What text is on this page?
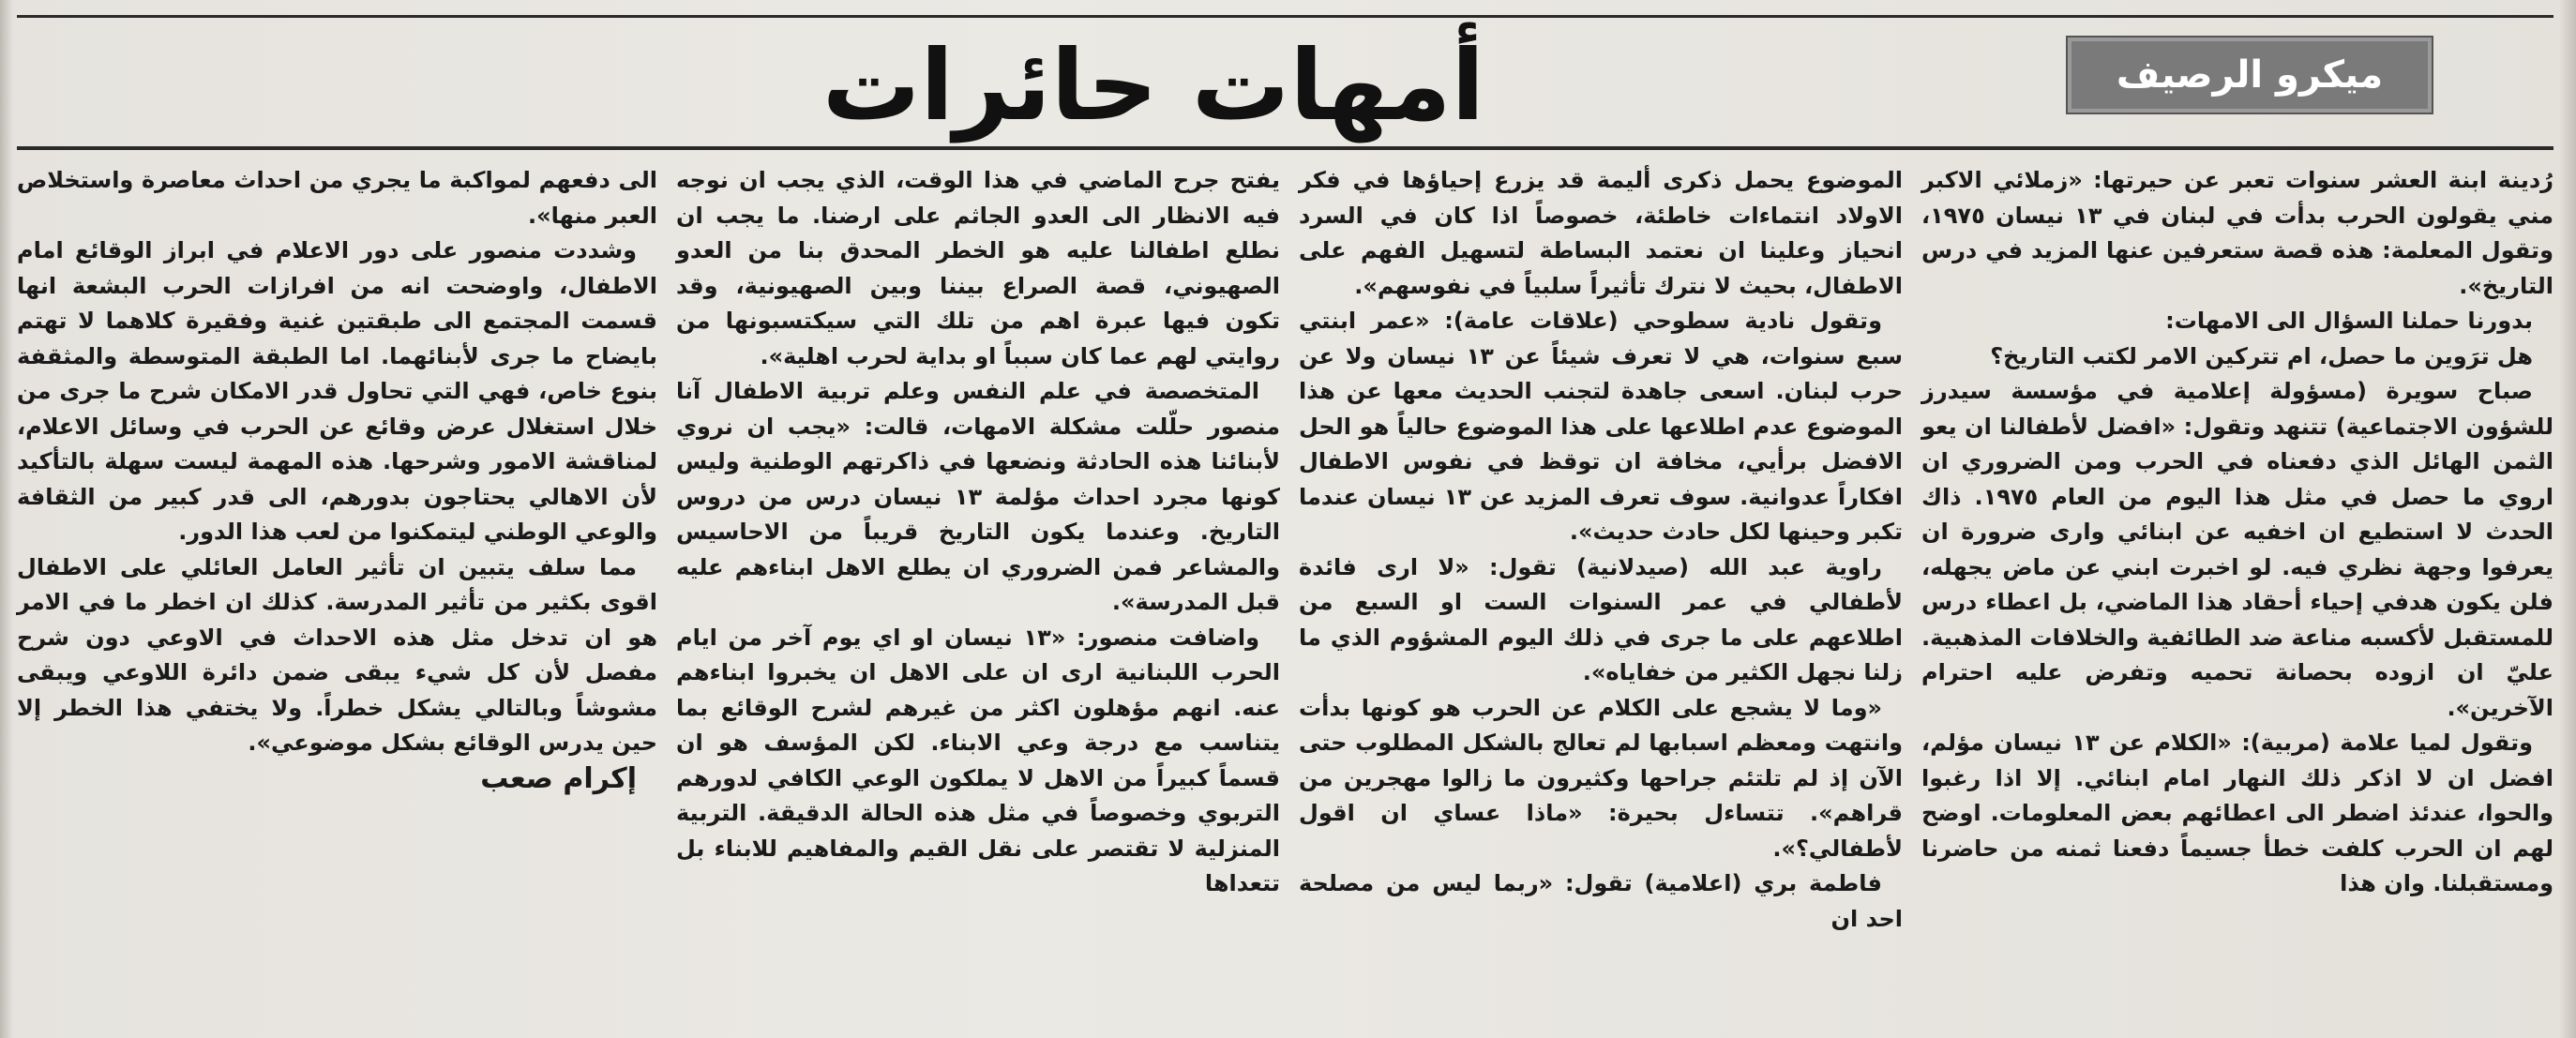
ميكرو الرصيف
أمهات حائرات

رُدينة ابنة العشر سنوات تعبر عن حيرتها: «زملائي الاكبر مني يقولون الحرب بدأت في لبنان في ١٣ نيسان ١٩٧٥، وتقول المعلمة: هذه قصة ستعرفين عنها المزيد في درس التاريخ».

بدورنا حملنا السؤال الى الامهات:

هل ترَوين ما حصل، ام تتركين الامر لكتب التاريخ؟

صباح سويرة (مسؤولة إعلامية في مؤسسة سيدرز للشؤون الاجتماعية) تتنهد وتقول: «افضل لأطفالنا ان يعو الثمن الهائل الذي دفعناه في الحرب ومن الضروري ان اروي ما حصل في مثل هذا اليوم من العام ١٩٧٥. ذاك الحدث لا استطيع ان اخفيه عن ابنائي وارى ضرورة ان يعرفوا وجهة نظري فيه. لو اخبرت ابني عن ماض يجهله، فلن يكون هدفي إحياء أحقاد هذا الماضي، بل اعطاء درس للمستقبل لأكسبه مناعة ضد الطائفية والخلافات المذهبية. عليّ ان ازوده بحصانة تحميه وتفرض عليه احترام الآخرين».

وتقول لميا علامة (مربية): «الكلام عن ١٣ نيسان مؤلم، افضل ان لا اذكر ذلك النهار امام ابنائي. إلا اذا رغبوا والحوا، عندئذ اضطر الى اعطائهم بعض المعلومات. اوضح لهم ان الحرب كلفت خطأ جسيماً دفعنا ثمنه من حاضرنا ومستقبلنا. وان هذا

الموضوع يحمل ذكرى أليمة قد يزرع إحياؤها في فكر الاولاد انتماءات خاطئة، خصوصاً اذا كان في السرد انحياز وعلينا ان نعتمد البساطة لتسهيل الفهم على الاطفال، بحيث لا نترك تأثيراً سلبياً في نفوسهم».

وتقول نادية سطوحي (علاقات عامة): «عمر ابنتي سبع سنوات، هي لا تعرف شيئاً عن ١٣ نيسان ولا عن حرب لبنان. اسعى جاهدة لتجنب الحديث معها عن هذا الموضوع عدم اطلاعها على هذا الموضوع حالياً هو الحل الافضل برأيي، مخافة ان توقظ في نفوس الاطفال افكاراً عدوانية. سوف تعرف المزيد عن ١٣ نيسان عندما تكبر وحينها لكل حادث حديث».

راوية عبد الله (صيدلانية) تقول: «لا ارى فائدة لأطفالي في عمر السنوات الست او السبع من اطلاعهم على ما جرى في ذلك اليوم المشؤوم الذي ما زلنا نجهل الكثير من خفاياه».

«وما لا يشجع على الكلام عن الحرب هو كونها بدأت وانتهت ومعظم اسبابها لم تعالج بالشكل المطلوب حتى الآن إذ لم تلتئم جراحها وكثيرون ما زالوا مهجرين من قراهم». تتساءل بحيرة: «ماذا عساي ان اقول لأطفالي؟».

فاطمة بري (اعلامية) تقول: «ربما ليس من مصلحة احد ان

يفتح جرح الماضي في هذا الوقت، الذي يجب ان نوجه فيه الانظار الى العدو الجاثم على ارضنا. ما يجب ان نطلع اطفالنا عليه هو الخطر المحدق بنا من العدو الصهيوني، قصة الصراع بيننا وبين الصهيونية، وقد تكون فيها عبرة اهم من تلك التي سيكتسبونها من روايتي لهم عما كان سبباً او بداية لحرب اهلية».

المتخصصة في علم النفس وعلم تربية الاطفال آنا منصور حلّلت مشكلة الامهات، قالت: «يجب ان نروي لأبنائنا هذه الحادثة ونضعها في ذاكرتهم الوطنية وليس كونها مجرد احداث مؤلمة ١٣ نيسان درس من دروس التاريخ. وعندما يكون التاريخ قريباً من الاحاسيس والمشاعر فمن الضروري ان يطلع الاهل ابناءهم عليه قبل المدرسة».

واضافت منصور: «١٣ نيسان او اي يوم آخر من ايام الحرب اللبنانية ارى ان على الاهل ان يخبروا ابناءهم عنه. انهم مؤهلون اكثر من غيرهم لشرح الوقائع بما يتناسب مع درجة وعي الابناء. لكن المؤسف هو ان قسماً كبيراً من الاهل لا يملكون الوعي الكافي لدورهم التربوي وخصوصاً في مثل هذه الحالة الدقيقة. التربية المنزلية لا تقتصر على نقل القيم والمفاهيم للابناء بل تتعداها

الى دفعهم لمواكبة ما يجري من احداث معاصرة واستخلاص العبر منها».

وشددت منصور على دور الاعلام في ابراز الوقائع امام الاطفال، واوضحت انه من افرازات الحرب البشعة انها قسمت المجتمع الى طبقتين غنية وفقيرة كلاهما لا تهتم بايضاح ما جرى لأبنائهما. اما الطبقة المتوسطة والمثقفة بنوع خاص، فهي التي تحاول قدر الامكان شرح ما جرى من خلال استغلال عرض وقائع عن الحرب في وسائل الاعلام، لمناقشة الامور وشرحها. هذه المهمة ليست سهلة بالتأكيد لأن الاهالي يحتاجون بدورهم، الى قدر كبير من الثقافة والوعي الوطني ليتمكنوا من لعب هذا الدور.

مما سلف يتبين ان تأثير العامل العائلي على الاطفال اقوى بكثير من تأثير المدرسة. كذلك ان اخطر ما في الامر هو ان تدخل مثل هذه الاحداث في الاوعي دون شرح مفصل لأن كل شيء يبقى ضمن دائرة اللاوعي ويبقى مشوشاً وبالتالي يشكل خطراً. ولا يختفي هذا الخطر إلا حين يدرس الوقائع بشكل موضوعي».

إكرام صعب
